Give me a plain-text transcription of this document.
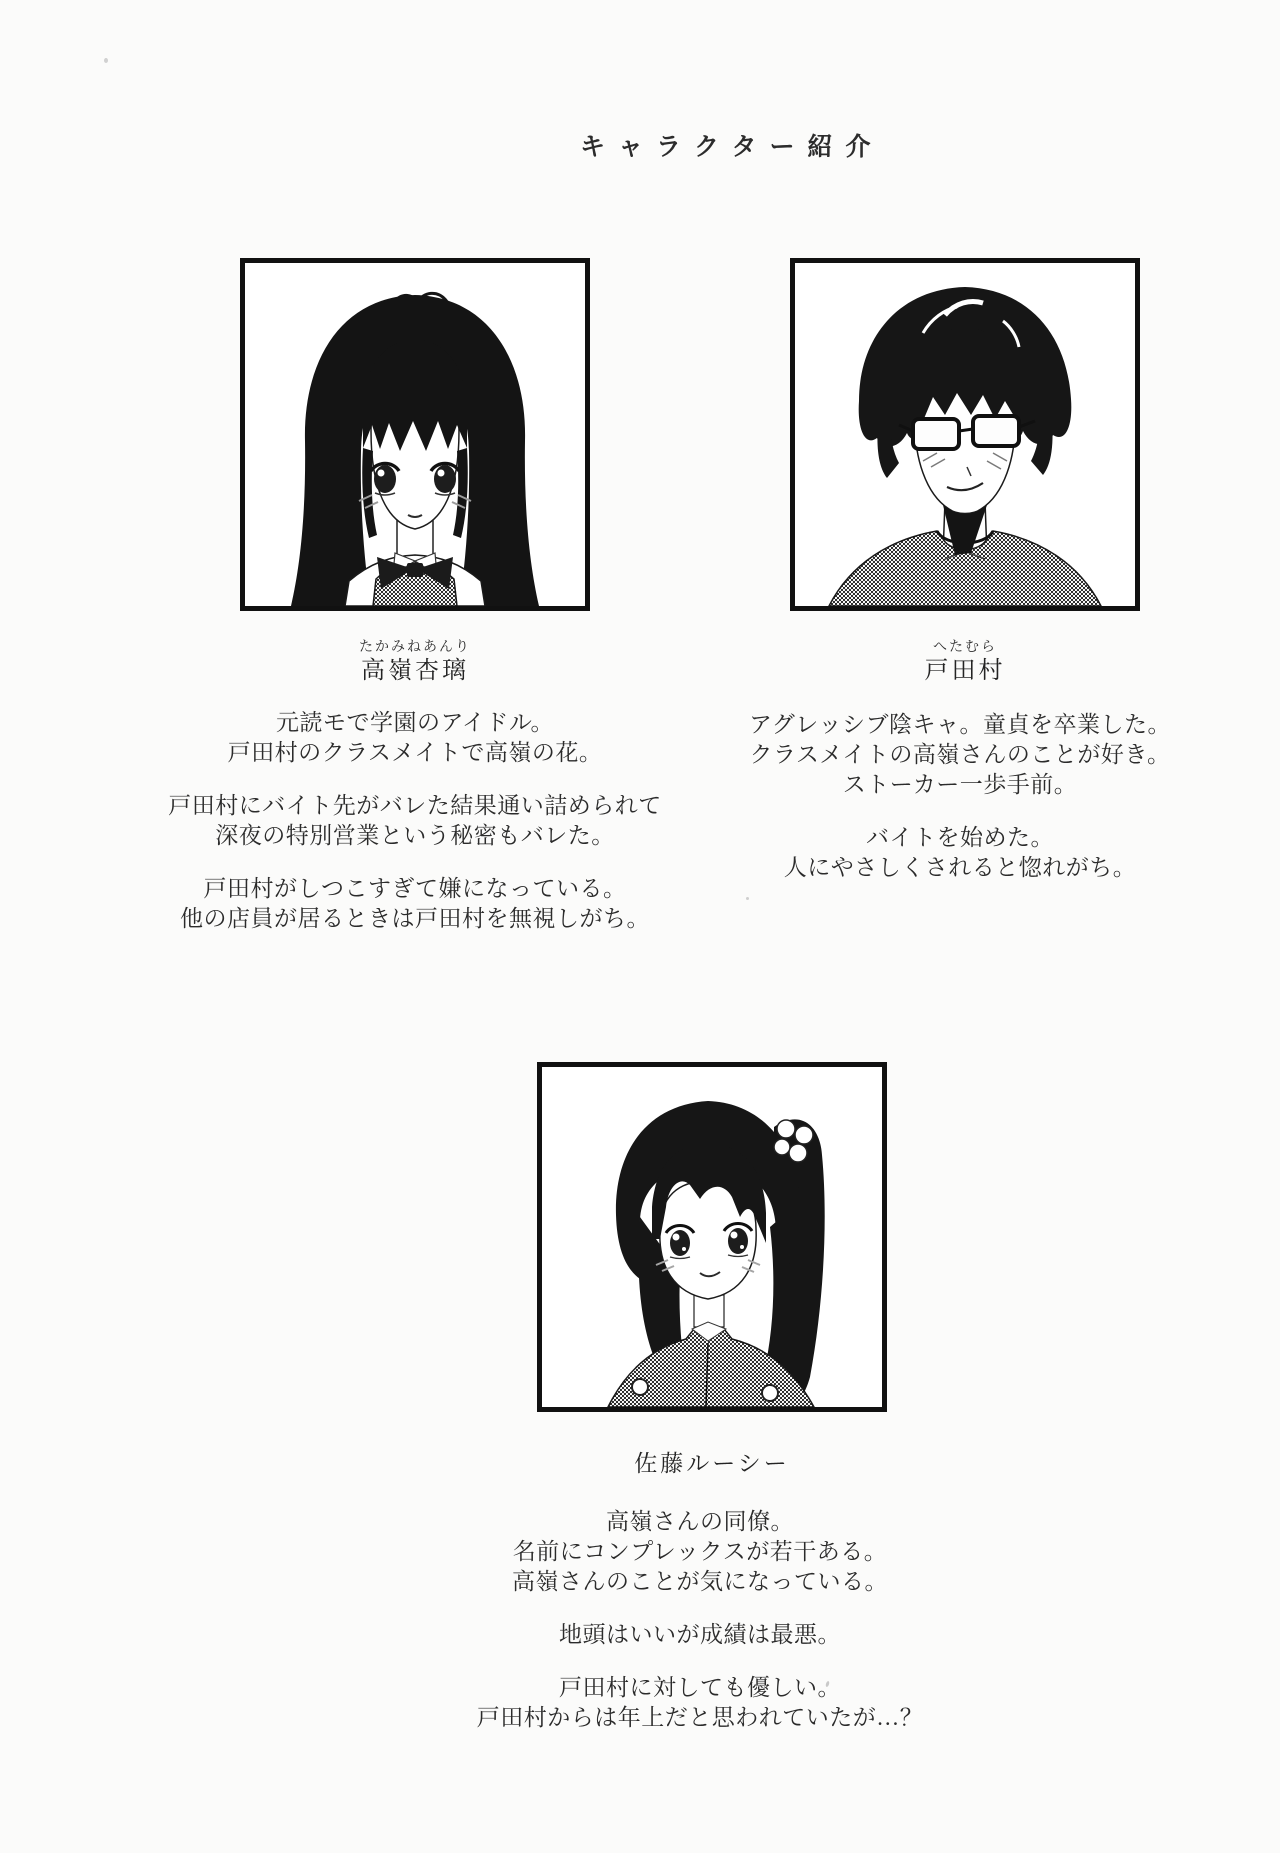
キャラクター紹介
たかみねあんり
高嶺杏璃
元読モで学園のアイドル。
戸田村のクラスメイトで高嶺の花。
戸田村にバイト先がバレた結果通い詰められて
深夜の特別営業という秘密もバレた。
戸田村がしつこすぎて嫌になっている。
他の店員が居るときは戸田村を無視しがち。
へたむら
戸田村
アグレッシブ陰キャ。童貞を卒業した。
クラスメイトの高嶺さんのことが好き。
ストーカー一歩手前。
バイトを始めた。
人にやさしくされると惚れがち。
佐藤ルーシー
高嶺さんの同僚。
名前にコンプレックスが若干ある。
高嶺さんのことが気になっている。
地頭はいいが成績は最悪。
戸田村に対しても優しい。
戸田村からは年上だと思われていたが…？
